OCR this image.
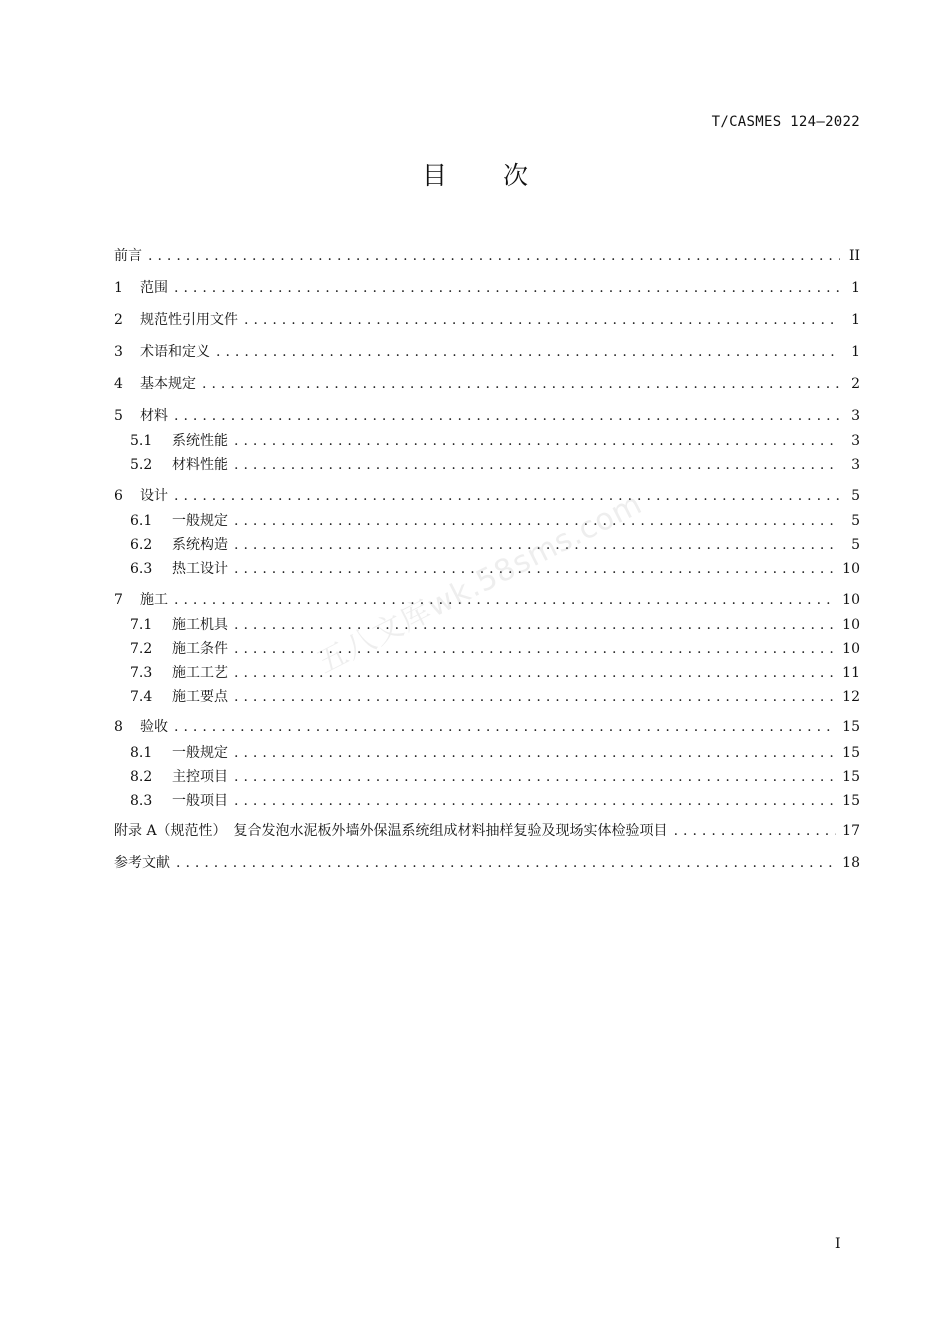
T/CASMES 124—2022
目次
前言 .....	II
1	范围 .....	1
2	规范性引用文件 .....	1
3	术语和定义 .....	1
4	基本规定 .....	2
5	材料 .....	3
5.1	系统性能 .....	3
5.2	材料性能 .....	3
6	设计 .....	5
6.1	一般规定 .....	5
6.2	系统构造 .....	5
6.3	热工设计 .....	10
7	施工 .....	10
7.1	施工机具 .....	10
7.2	施工条件 .....	10
7.3	施工工艺 .....	11
7.4	施工要点 .....	12
8	验收 .....	15
8.1	一般规定 .....	15
8.2	主控项目 .....	15
8.3	一般项目 .....	15
附录 A（规范性）　复合发泡水泥板外墙外保温系统组成材料抽样复验及现场实体检验项目 .....	17
参考文献 .....	18
五八文库wk.58sms.com
I
